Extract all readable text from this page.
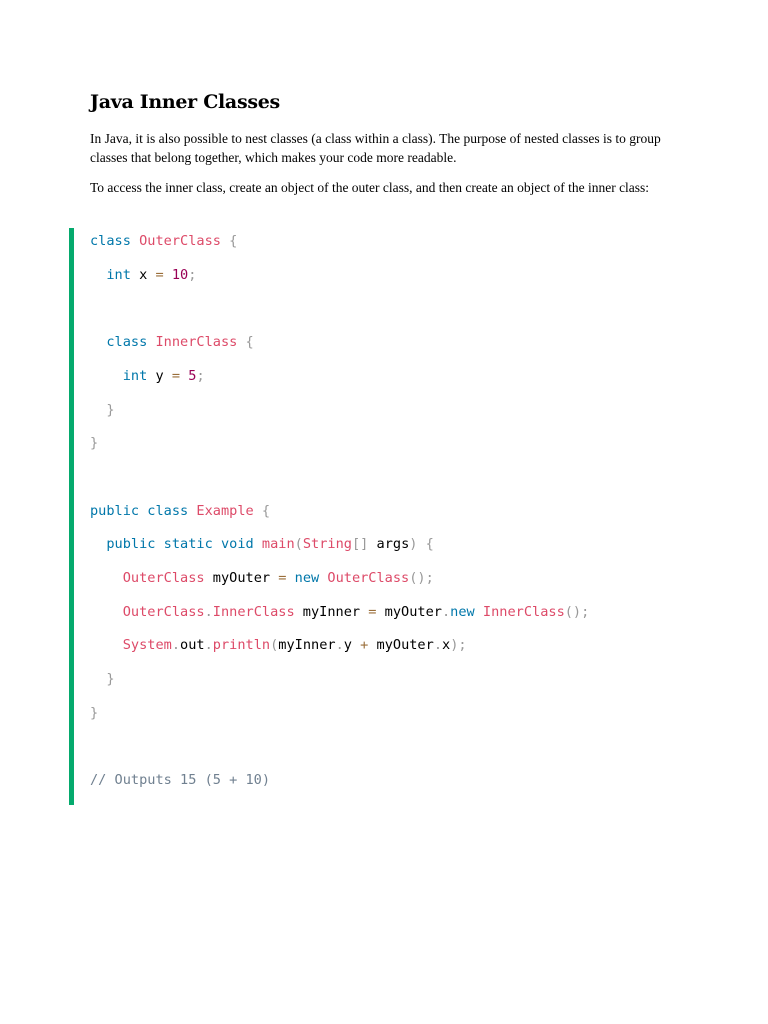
Java Inner Classes

In Java, it is also possible to nest classes (a class within a class). The purpose of nested classes is to group classes that belong together, which makes your code more readable.

To access the inner class, create an object of the outer class, and then create an object of the inner class:

class OuterClass {
int x = 10;
class InnerClass {
int y = 5;
}
}
public class Example {
public static void main(String[] args) {
OuterClass myOuter = new OuterClass();
OuterClass.InnerClass myInner = myOuter.new InnerClass();
System.out.println(myInner.y + myOuter.x);
}
}
// Outputs 15 (5 + 10)
